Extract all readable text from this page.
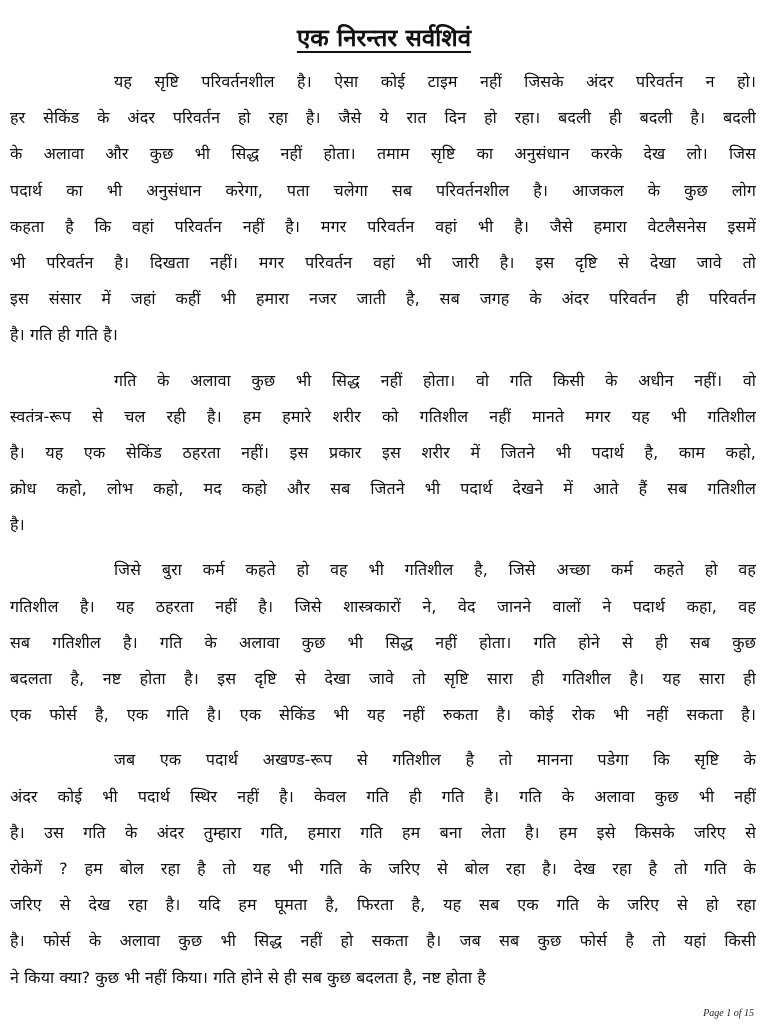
एक निरन्तर सर्वशिवं
यह सृष्टि परिवर्तनशील है। ऐसा कोई टाइम नहीं जिसके अंदर परिवर्तन न हो।
हर सेकिंड के अंदर परिवर्तन हो रहा है। जैसे ये रात दिन हो रहा। बदली ही बदली है। बदली
के अलावा और कुछ भी सिद्ध नहीं होता। तमाम सृष्टि का अनुसंधान करके देख लो। जिस
पदार्थ का भी अनुसंधान करेगा, पता चलेगा सब परिवर्तनशील है। आजकल के कुछ लोग
कहता है कि वहां परिवर्तन नहीं है। मगर परिवर्तन वहां भी है। जैसे हमारा वेटलैसनेस इसमें
भी परिवर्तन है। दिखता नहीं। मगर परिवर्तन वहां भी जारी है। इस दृष्टि से देखा जावे तो
इस संसार में जहां कहीं भी हमारा नजर जाती है, सब जगह के अंदर परिवर्तन ही परिवर्तन
है। गति ही गति है।
गति के अलावा कुछ भी सिद्ध नहीं होता। वो गति किसी के अधीन नहीं। वो
स्वतंत्र-रूप से चल रही है। हम हमारे शरीर को गतिशील नहीं मानते मगर यह भी गतिशील
है। यह एक सेकिंड ठहरता नहीं। इस प्रकार इस शरीर में जितने भी पदार्थ है, काम कहो,
क्रोध कहो, लोभ कहो, मद कहो और सब जितने भी पदार्थ देखने में आते हैं सब गतिशील
है।
जिसे बुरा कर्म कहते हो वह भी गतिशील है, जिसे अच्छा कर्म कहते हो वह
गतिशील है। यह ठहरता नहीं है। जिसे शास्त्रकारों ने, वेद जानने वालों ने पदार्थ कहा, वह
सब गतिशील है। गति के अलावा कुछ भी सिद्ध नहीं होता। गति होने से ही सब कुछ
बदलता है, नष्ट होता है। इस दृष्टि से देखा जावे तो सृष्टि सारा ही गतिशील है। यह सारा ही
एक फोर्स है, एक गति है। एक सेकिंड भी यह नहीं रुकता है। कोई रोक भी नहीं सकता है।
जब एक पदार्थ अखण्ड-रूप से गतिशील है तो मानना पडेगा कि सृष्टि के
अंदर कोई भी पदार्थ स्थिर नहीं है। केवल गति ही गति है। गति के अलावा कुछ भी नहीं
है। उस गति के अंदर तुम्हारा गति, हमारा गति हम बना लेता है। हम इसे किसके जरिए से
रोकेगें ? हम बोल रहा है तो यह भी गति के जरिए से बोल रहा है। देख रहा है तो गति के
जरिए से देख रहा है। यदि हम घूमता है, फिरता है, यह सब एक गति के जरिए से हो रहा
है। फोर्स के अलावा कुछ भी सिद्ध नहीं हो सकता है। जब सब कुछ फोर्स है तो यहां किसी
ने किया क्या? कुछ भी नहीं किया। गति होने से ही सब कुछ बदलता है, नष्ट होता है
Page 1 of 15
